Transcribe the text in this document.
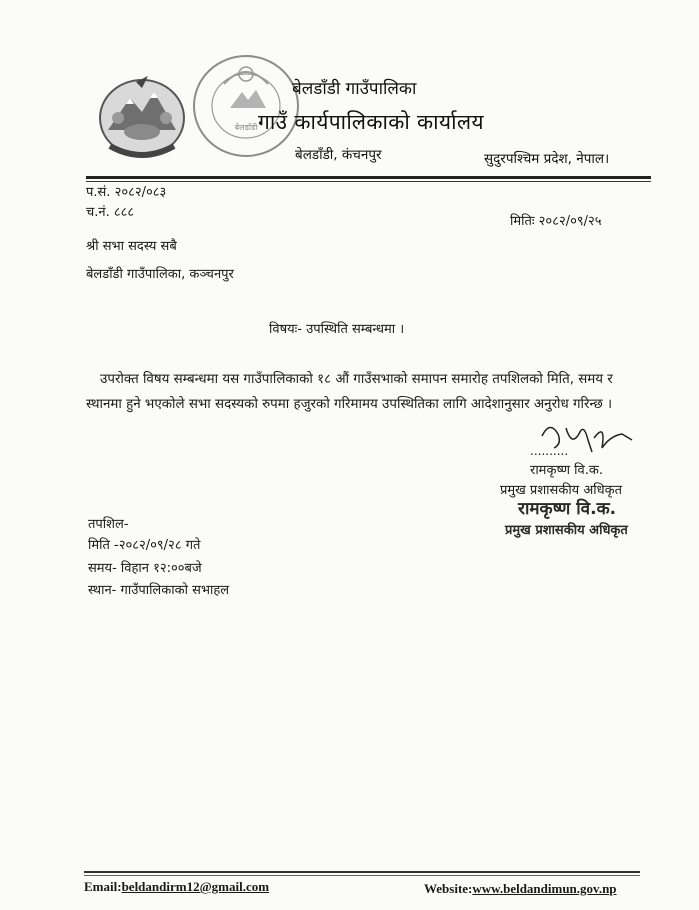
बेलडाँडी
बेलडाँडी गाउँपालिका
गाउँ कार्यपालिकाको कार्यालय
बेलडाँडी, कंचनपुर	सुदुरपश्चिम प्रदेश, नेपाल।
प.सं. २०८२/०८३
च.नं. ८८८
मितिः २०८२/०९/२५
श्री सभा सदस्य सबै
बेलडाँडी गाउँपालिका, कञ्चनपुर
विषयः- उपस्थिति सम्बन्धमा ।
उपरोक्त विषय सम्बन्धमा यस गाउँपालिकाको १८ औं गाउँसभाको समापन समारोह तपशिलको मिति, समय र स्थानमा हुने भएकोले सभा सदस्यको रुपमा हजुरको गरिमामय उपस्थितिका लागि आदेशानुसार अनुरोध गरिन्छ ।
..........
रामकृष्ण वि.क.
प्रमुख प्रशासकीय अधिकृत
रामकृष्ण वि.क.
प्रमुख प्रशासकीय अधिकृत
तपशिल-
मिति -२०८२/०९/२८ गते
समय- विहान १२:००बजे
स्थान- गाउँपालिकाको सभाहल
Email:beldandirm12@gmail.com	Website:www.beldandimun.gov.np
